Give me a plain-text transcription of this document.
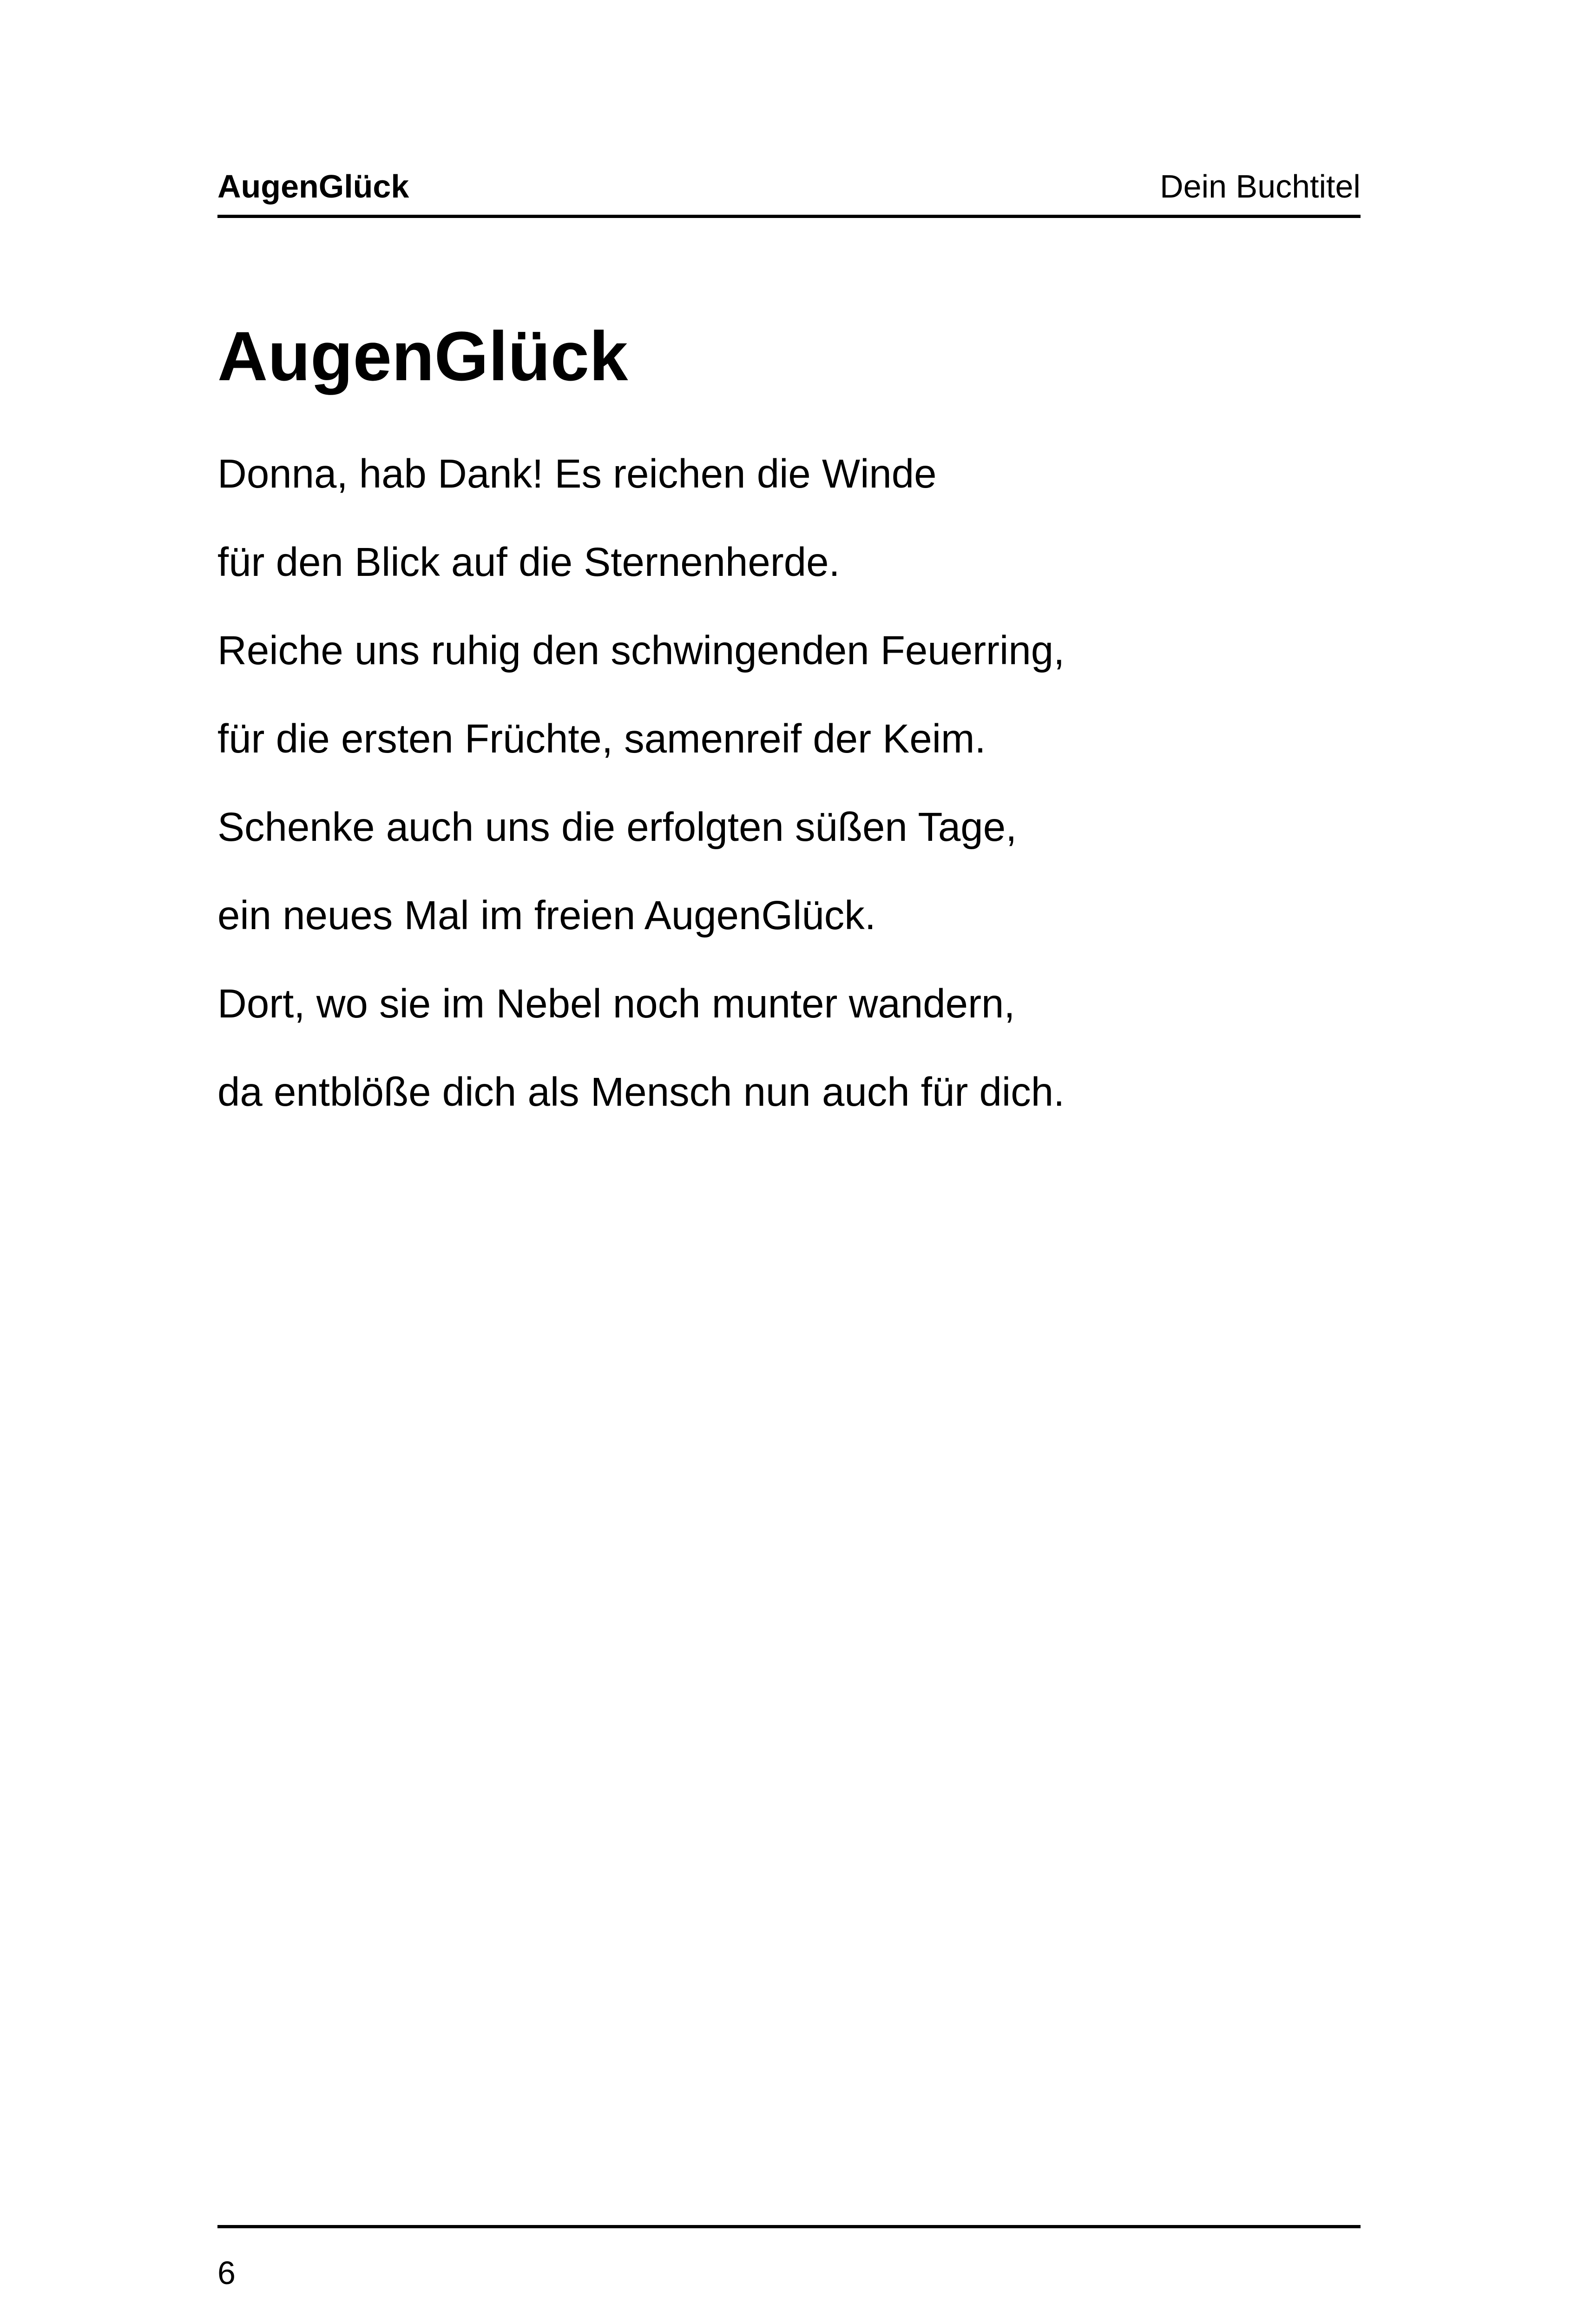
AugenGlück	Dein Buchtitel
AugenGlück
Donna, hab Dank! Es reichen die Winde
für den Blick auf die Sternenherde.
Reiche uns ruhig den schwingenden Feuerring,
für die ersten Früchte, samenreif der Keim.
Schenke auch uns die erfolgten süßen Tage,
ein neues Mal im freien AugenGlück.
Dort, wo sie im Nebel noch munter wandern,
da entblöße dich als Mensch nun auch für dich.
6
